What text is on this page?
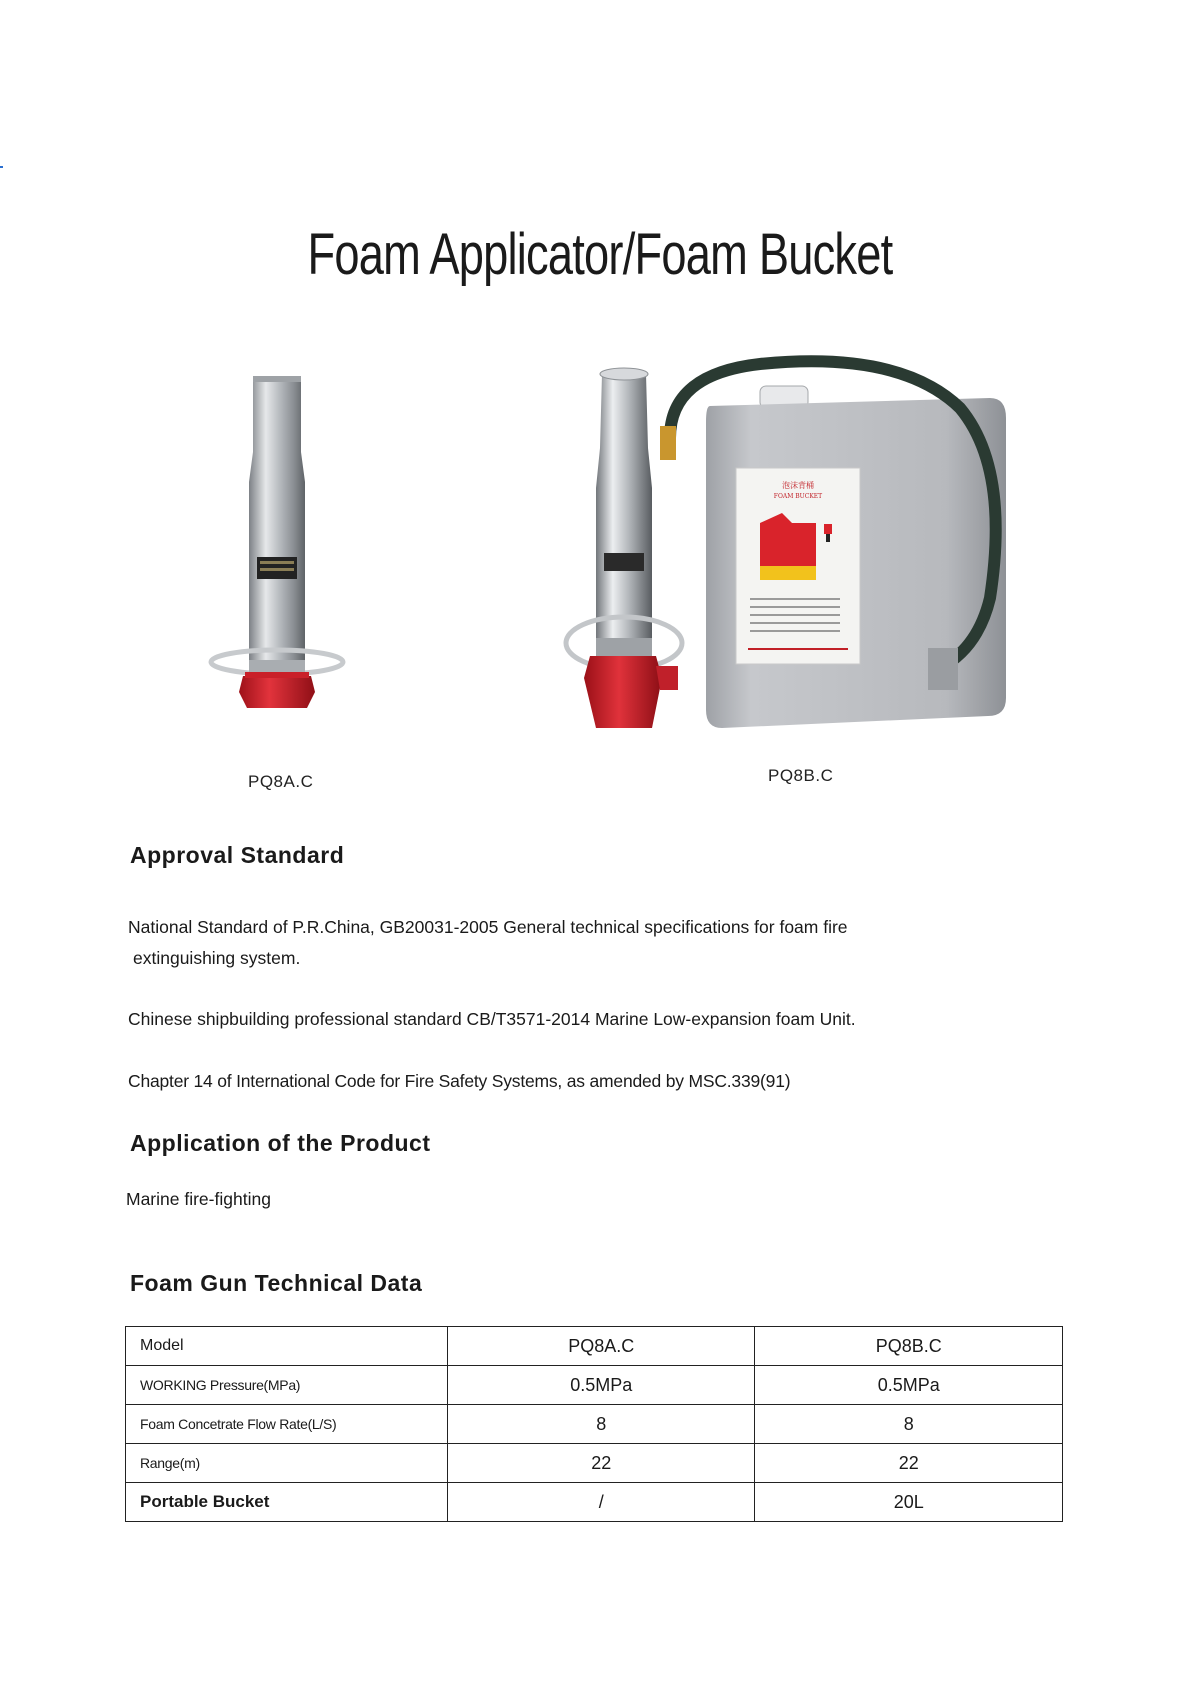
Foam Applicator/Foam Bucket
PQ8A.C
泡沫背桶
FOAM BUCKET
PQ8B.C
Approval Standard

National Standard of P.R.China, GB20031-2005 General technical specifications for foam fire
extinguishing system.

Chinese shipbuilding professional standard CB/T3571-2014 Marine Low-expansion foam Unit.

Chapter 14 of International Code for Fire Safety Systems, as amended by MSC.339(91)

Application of the Product

Marine fire-fighting

Foam Gun Technical Data
Model	PQ8A.C	PQ8B.C
WORKING Pressure(MPa)	0.5MPa	0.5MPa
Foam Concetrate Flow Rate(L/S)	8	8
Range(m)	22	22
Portable Bucket	/	20L
